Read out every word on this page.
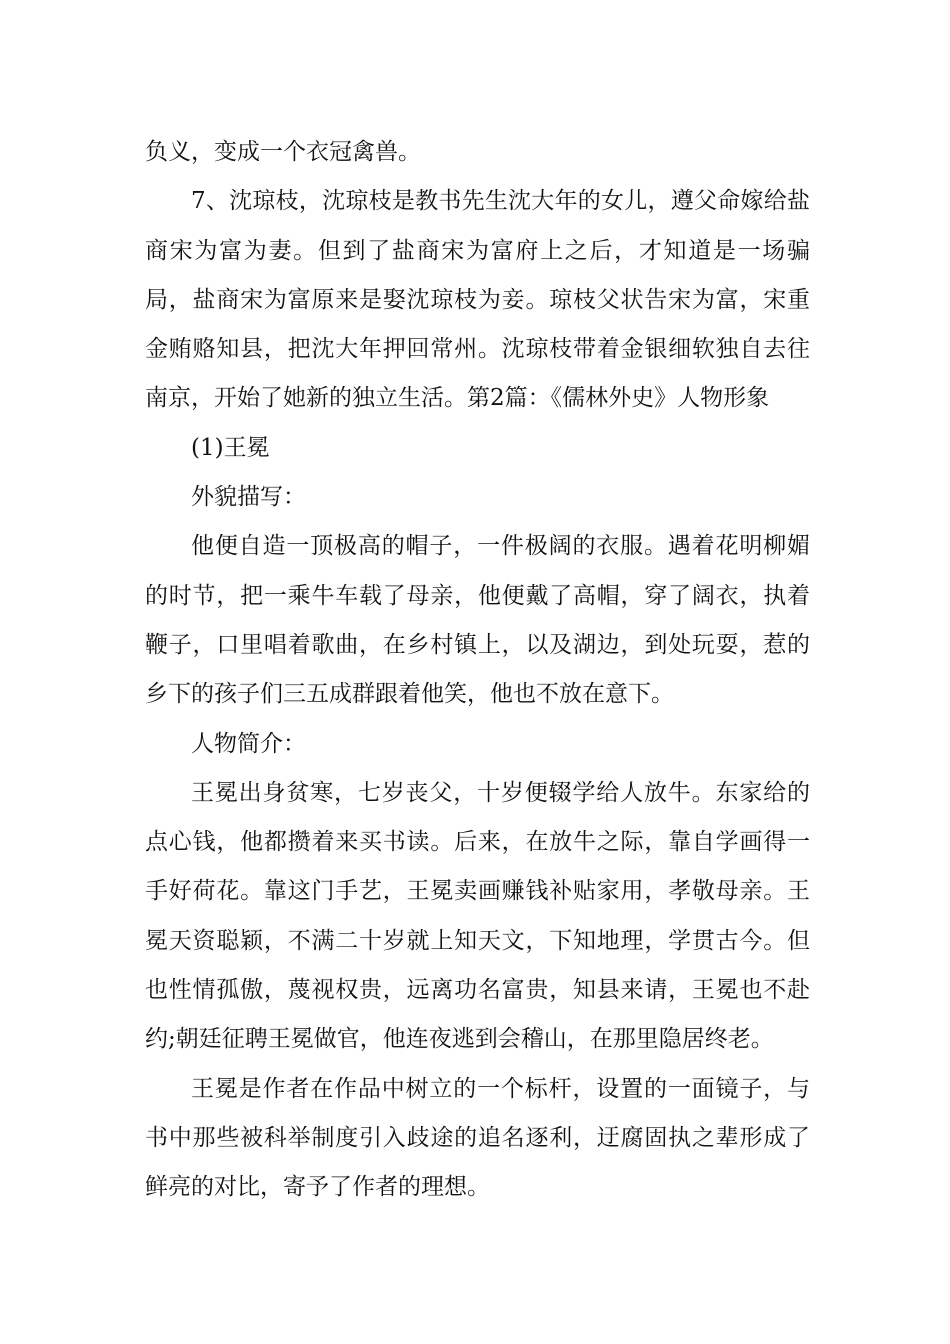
负义，变成一个衣冠禽兽。

7、沈琼枝，沈琼枝是教书先生沈大年的女儿，遵父命嫁给盐商宋为富为妻。但到了盐商宋为富府上之后，才知道是一场骗局，盐商宋为富原来是娶沈琼枝为妾。琼枝父状告宋为富，宋重金贿赂知县，把沈大年押回常州。沈琼枝带着金银细软独自去往南京，开始了她新的独立生活。第2篇：《儒林外史》人物形象

(1)王冕

外貌描写：

他便自造一顶极高的帽子，一件极阔的衣服。遇着花明柳媚的时节，把一乘牛车载了母亲，他便戴了高帽，穿了阔衣，执着鞭子，口里唱着歌曲，在乡村镇上，以及湖边，到处玩耍，惹的乡下的孩子们三五成群跟着他笑，他也不放在意下。

人物简介：

王冕出身贫寒，七岁丧父，十岁便辍学给人放牛。东家给的点心钱，他都攒着来买书读。后来，在放牛之际，靠自学画得一手好荷花。靠这门手艺，王冕卖画赚钱补贴家用，孝敬母亲。王冕天资聪颖，不满二十岁就上知天文，下知地理，学贯古今。但也性情孤傲，蔑视权贵，远离功名富贵，知县来请，王冕也不赴约;朝廷征聘王冕做官，他连夜逃到会稽山，在那里隐居终老。

王冕是作者在作品中树立的一个标杆，设置的一面镜子，与书中那些被科举制度引入歧途的追名逐利，迂腐固执之辈形成了鲜亮的对比，寄予了作者的理想。
